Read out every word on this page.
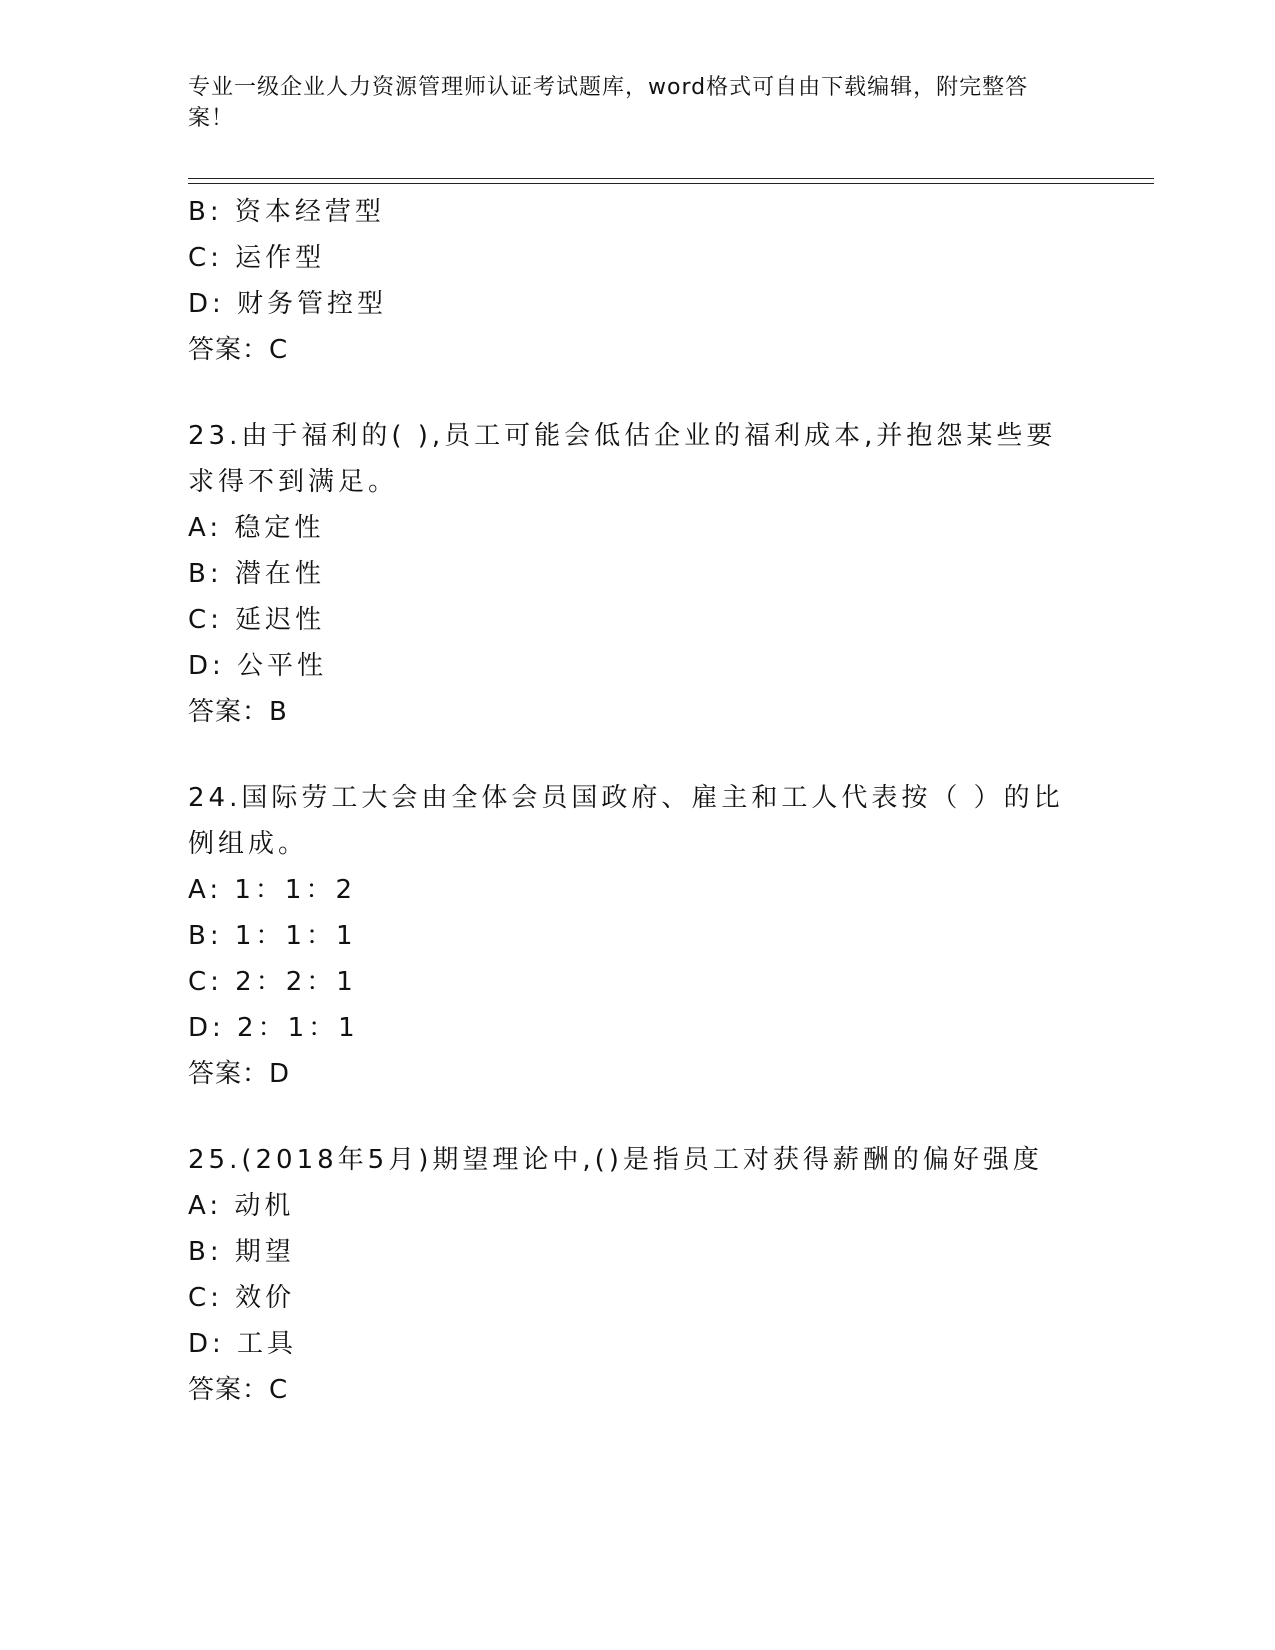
专业一级企业人力资源管理师认证考试题库，word格式可自由下载编辑，附完整答案！
B: 资本经营型
C: 运作型
D: 财务管控型
答案：C
23.由于福利的( ),员工可能会低估企业的福利成本,并抱怨某些要求得不到满足。
A: 稳定性
B: 潜在性
C: 延迟性
D: 公平性
答案：B
24.国际劳工大会由全体会员国政府、雇主和工人代表按（ ）的比例组成。
A: 1：1：2
B: 1：1：1
C: 2：2：1
D: 2：1：1
答案：D
25.(2018年5月)期望理论中,()是指员工对获得薪酬的偏好强度
A: 动机
B: 期望
C: 效价
D: 工具
答案：C
